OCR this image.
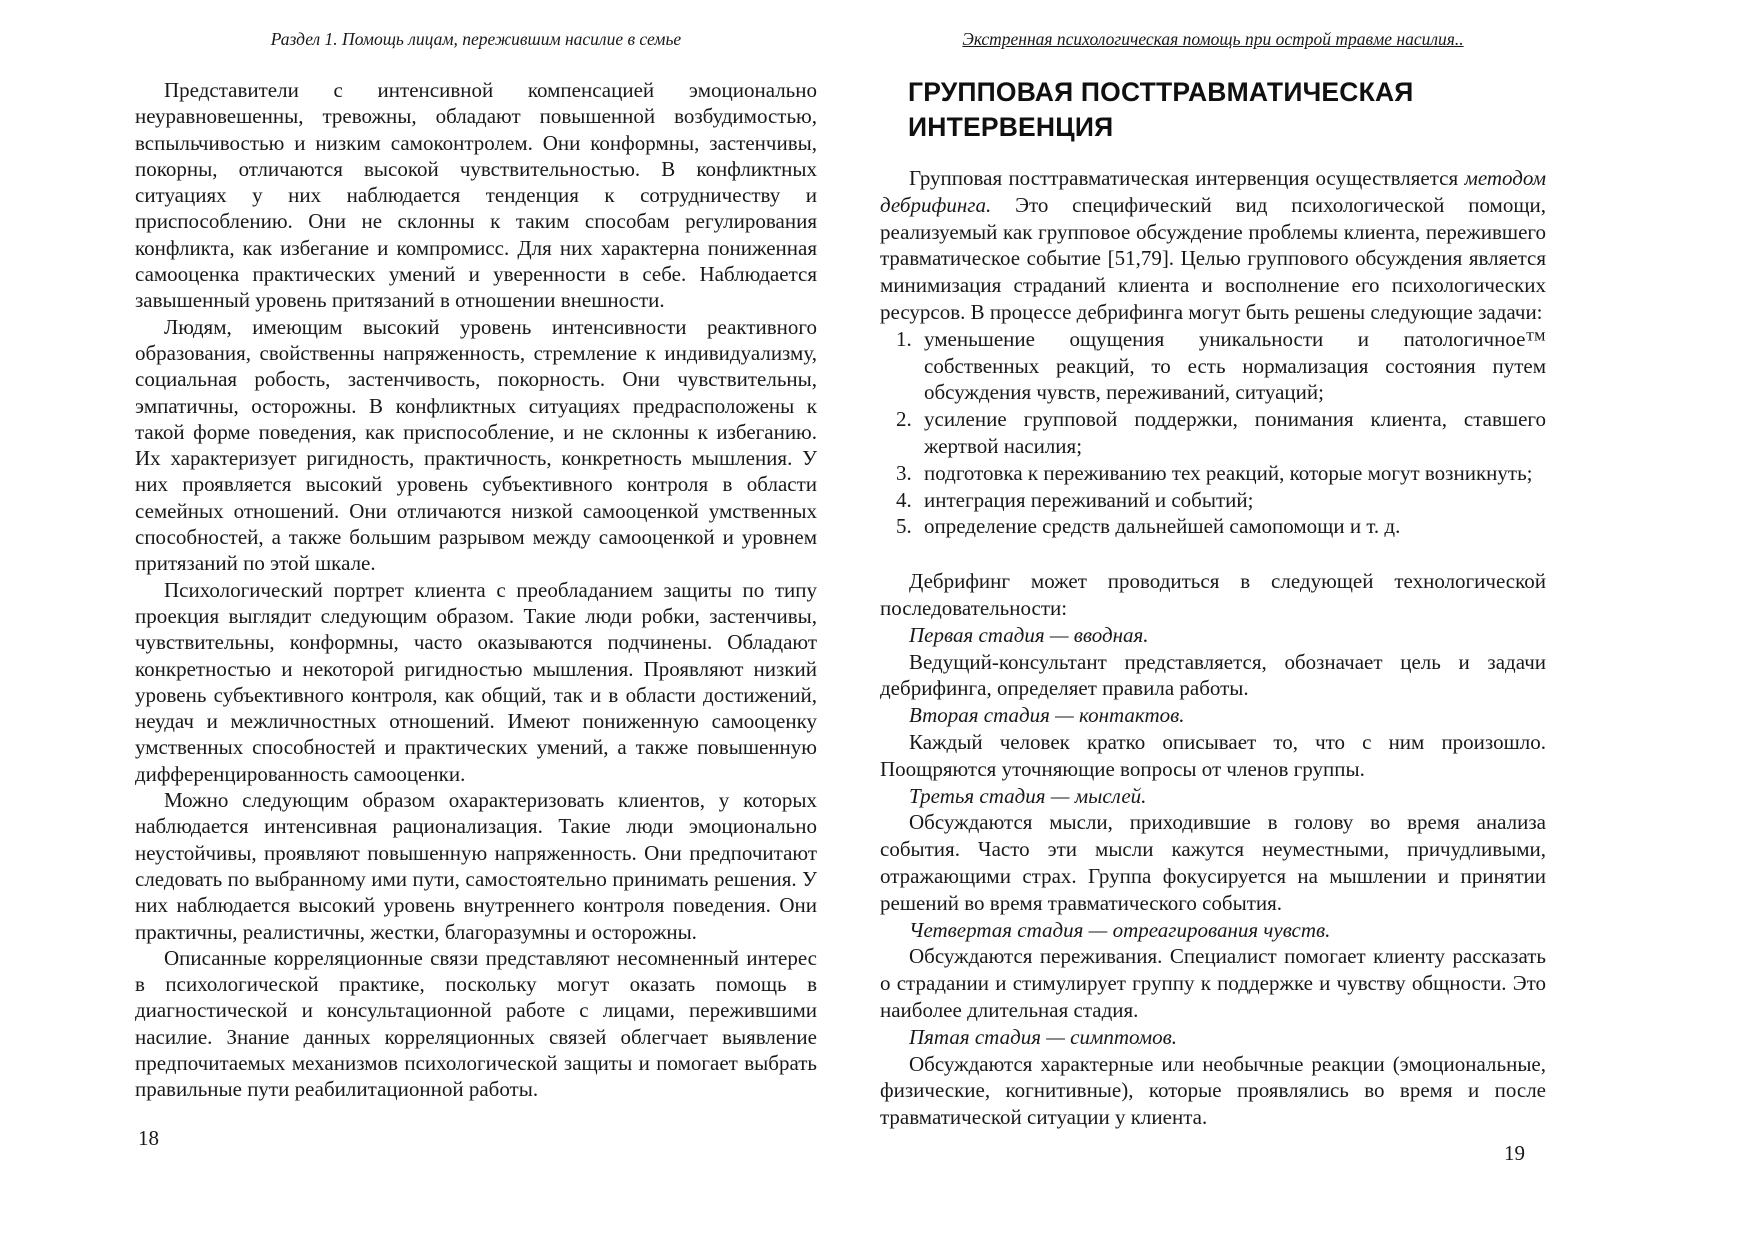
Раздел 1. Помощь лицам, пережившим насилие в семье

Представители с интенсивной компенсацией эмоционально неуравновешенны, тревожны, обладают повышенной возбудимостью, вспыльчивостью и низким самоконтролем. Они конформны, застенчивы, покорны, отличаются высокой чувствительностью. В конфликтных ситуациях у них наблюдается тенденция к сотрудничеству и приспособлению. Они не склонны к таким способам регулирования конфликта, как избегание и компромисс. Для них характерна пониженная самооценка практических умений и уверенности в себе. Наблюдается завышенный уровень притязаний в отношении внешности.

Людям, имеющим высокий уровень интенсивности реактивного образования, свойственны напряженность, стремление к индивидуализму, социальная робость, застенчивость, покорность. Они чувствительны, эмпатичны, осторожны. В конфликтных ситуациях предрасположены к такой форме поведения, как приспособление, и не склонны к избеганию. Их характеризует ригидность, практичность, конкретность мышления. У них проявляется высокий уровень субъективного контроля в области семейных отношений. Они отличаются низкой самооценкой умственных способностей, а также большим разрывом между самооценкой и уровнем притязаний по этой шкале.

Психологический портрет клиента с преобладанием защиты по типу проекция выглядит следующим образом. Такие люди робки, застенчивы, чувствительны, конформны, часто оказываются подчинены. Обладают конкретностью и некоторой ригидностью мышления. Проявляют низкий уровень субъективного контроля, как общий, так и в области достижений, неудач и межличностных отношений. Имеют пониженную самооценку умственных способностей и практических умений, а также повышенную дифференцированность самооценки.

Можно следующим образом охарактеризовать клиентов, у которых наблюдается интенсивная рационализация. Такие люди эмоционально неустойчивы, проявляют повышенную напряженность. Они предпочитают следовать по выбранному ими пути, самостоятельно принимать решения. У них наблюдается высокий уровень внутреннего контроля поведения. Они практичны, реалистичны, жестки, благоразумны и осторожны.

Описанные корреляционные связи представляют несомненный интерес в психологической практике, поскольку могут оказать помощь в диагностической и консультационной работе с лицами, пережившими насилие. Знание данных корреляционных связей облегчает выявление предпочитаемых механизмов психологической защиты и помогает выбрать правильные пути реабилитационной работы.

Экстренная психологическая помощь при острой травме насилия..
ГРУППОВАЯ ПОСТТРАВМАТИЧЕСКАЯ ИНТЕРВЕНЦИЯ

Групповая посттравматическая интервенция осуществляется методом дебрифинга. Это специфический вид психологической помощи, реализуемый как групповое обсуждение проблемы клиента, пережившего травматическое событие [51,79]. Целью группового обсуждения является минимизация страданий клиента и восполнение его психологических ресурсов. В процессе дебрифинга могут быть решены следующие задачи:

1. уменьшение ощущения уникальности и патологичное™ собственных реакций, то есть нормализация состояния путем обсуждения чувств, переживаний, ситуаций;
2. усиление групповой поддержки, понимания клиента, ставшего жертвой насилия;
3. подготовка к переживанию тех реакций, которые могут возникнуть;
4. интеграция переживаний и событий;
5. определение средств дальнейшей самопомощи и т. д.

Дебрифинг может проводиться в следующей технологической последовательности:

Первая стадия — вводная.

Ведущий-консультант представляется, обозначает цель и задачи дебрифинга, определяет правила работы.

Вторая стадия — контактов.

Каждый человек кратко описывает то, что с ним произошло. Поощряются уточняющие вопросы от членов группы.

Третья стадия — мыслей.

Обсуждаются мысли, приходившие в голову во время анализа события. Часто эти мысли кажутся неуместными, причудливыми, отражающими страх. Группа фокусируется на мышлении и принятии решений во время травматического события.

Четвертая стадия — отреагирования чувств.

Обсуждаются переживания. Специалист помогает клиенту рассказать о страдании и стимулирует группу к поддержке и чувству общности. Это наиболее длительная стадия.

Пятая стадия — симптомов.

Обсуждаются характерные или необычные реакции (эмоциональные, физические, когнитивные), которые проявлялись во время и после травматической ситуации у клиента.

18
19
